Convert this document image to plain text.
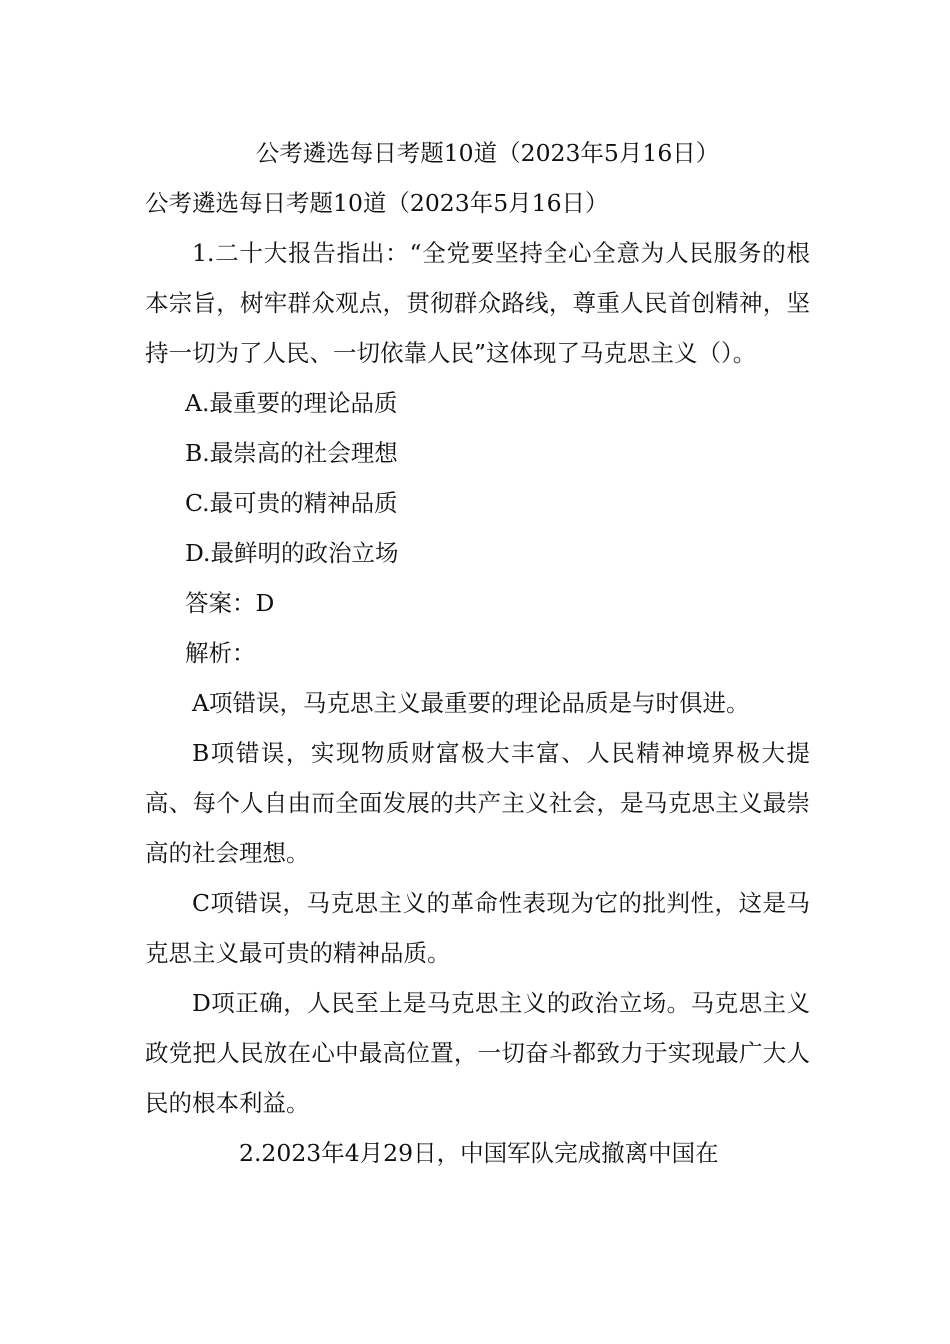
公考遴选每日考题10道（2023年5月16日）

公考遴选每日考题10道（2023年5月16日）

1.二十大报告指出：“全党要坚持全心全意为人民服务的根本宗旨，树牢群众观点，贯彻群众路线，尊重人民首创精神，坚持一切为了人民、一切依靠人民”这体现了马克思主义（）。

A.最重要的理论品质

B.最崇高的社会理想

C.最可贵的精神品质

D.最鲜明的政治立场

答案：D

解析：

A项错误，马克思主义最重要的理论品质是与时俱进。

B项错误，实现物质财富极大丰富、人民精神境界极大提高、每个人自由而全面发展的共产主义社会，是马克思主义最崇高的社会理想。

C项错误，马克思主义的革命性表现为它的批判性，这是马克思主义最可贵的精神品质。

D项正确，人民至上是马克思主义的政治立场。马克思主义政党把人民放在心中最高位置，一切奋斗都致力于实现最广大人民的根本利益。

2.2023年4月29日，中国军队完成撤离中国在
